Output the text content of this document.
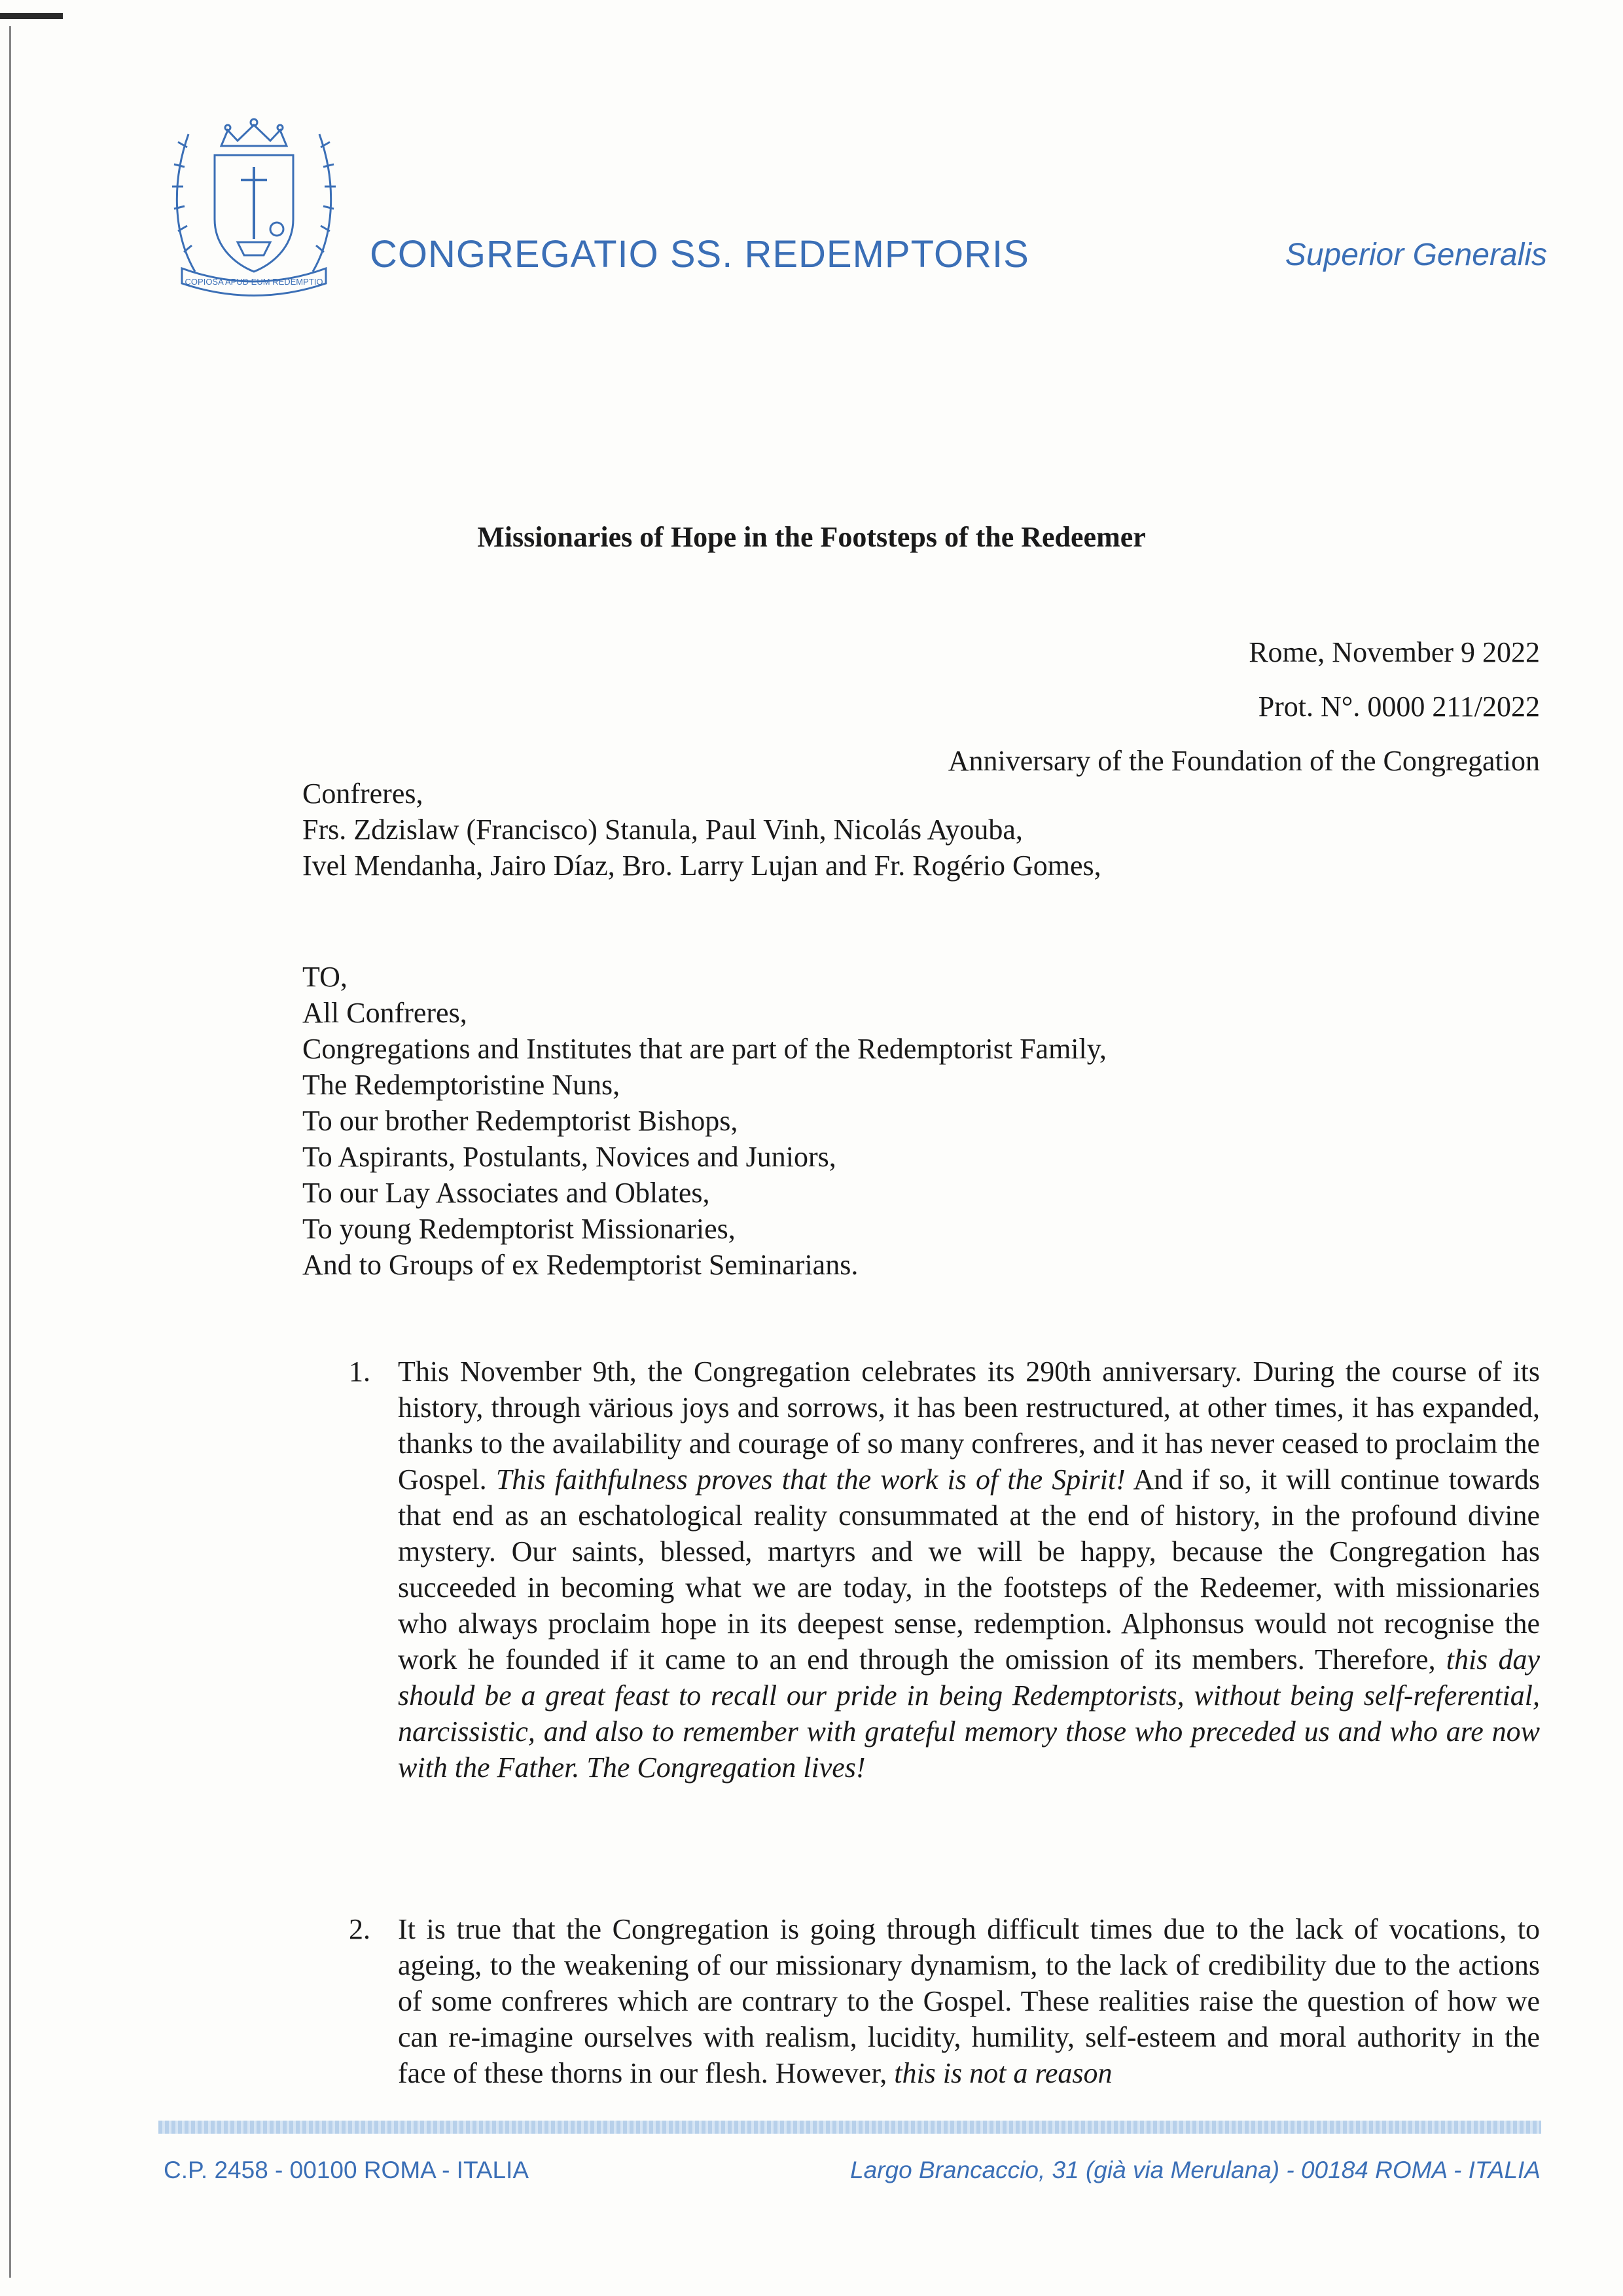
COPIOSA APUD EUM REDEMPTIO
CONGREGATIO SS. REDEMPTORIS	Superior Generalis
Missionaries of Hope in the Footsteps of the Redeemer
Rome, November 9 2022
Prot. N°. 0000 211/2022
Anniversary of the Foundation of the Congregation
Confreres,
Frs. Zdzislaw (Francisco) Stanula, Paul Vinh, Nicolás Ayouba,
Ivel Mendanha, Jairo Díaz, Bro. Larry Lujan and Fr. Rogério Gomes,
TO,
All Confreres,
Congregations and Institutes that are part of the Redemptorist Family,
The Redemptoristine Nuns,
To our brother Redemptorist Bishops,
To Aspirants, Postulants, Novices and Juniors,
To our Lay Associates and Oblates,
To young Redemptorist Missionaries,
And to Groups of ex Redemptorist Seminarians.
1. This November 9th, the Congregation celebrates its 290th anniversary. During the course of its history, through värious joys and sorrows, it has been restructured, at other times, it has expanded, thanks to the availability and courage of so many confreres, and it has never ceased to proclaim the Gospel. This faithfulness proves that the work is of the Spirit! And if so, it will continue towards that end as an eschatological reality consummated at the end of history, in the profound divine mystery. Our saints, blessed, martyrs and we will be happy, because the Congregation has succeeded in becoming what we are today, in the footsteps of the Redeemer, with missionaries who always proclaim hope in its deepest sense, redemption. Alphonsus would not recognise the work he founded if it came to an end through the omission of its members. Therefore, this day should be a great feast to recall our pride in being Redemptorists, without being self-referential, narcissistic, and also to remember with grateful memory those who preceded us and who are now with the Father. The Congregation lives!
2. It is true that the Congregation is going through difficult times due to the lack of vocations, to ageing, to the weakening of our missionary dynamism, to the lack of credibility due to the actions of some confreres which are contrary to the Gospel. These realities raise the question of how we can re-imagine ourselves with realism, lucidity, humility, self-esteem and moral authority in the face of these thorns in our flesh. However, this is not a reason
C.P. 2458 - 00100 ROMA - ITALIA	Largo Brancaccio, 31 (già via Merulana) - 00184 ROMA - ITALIA
